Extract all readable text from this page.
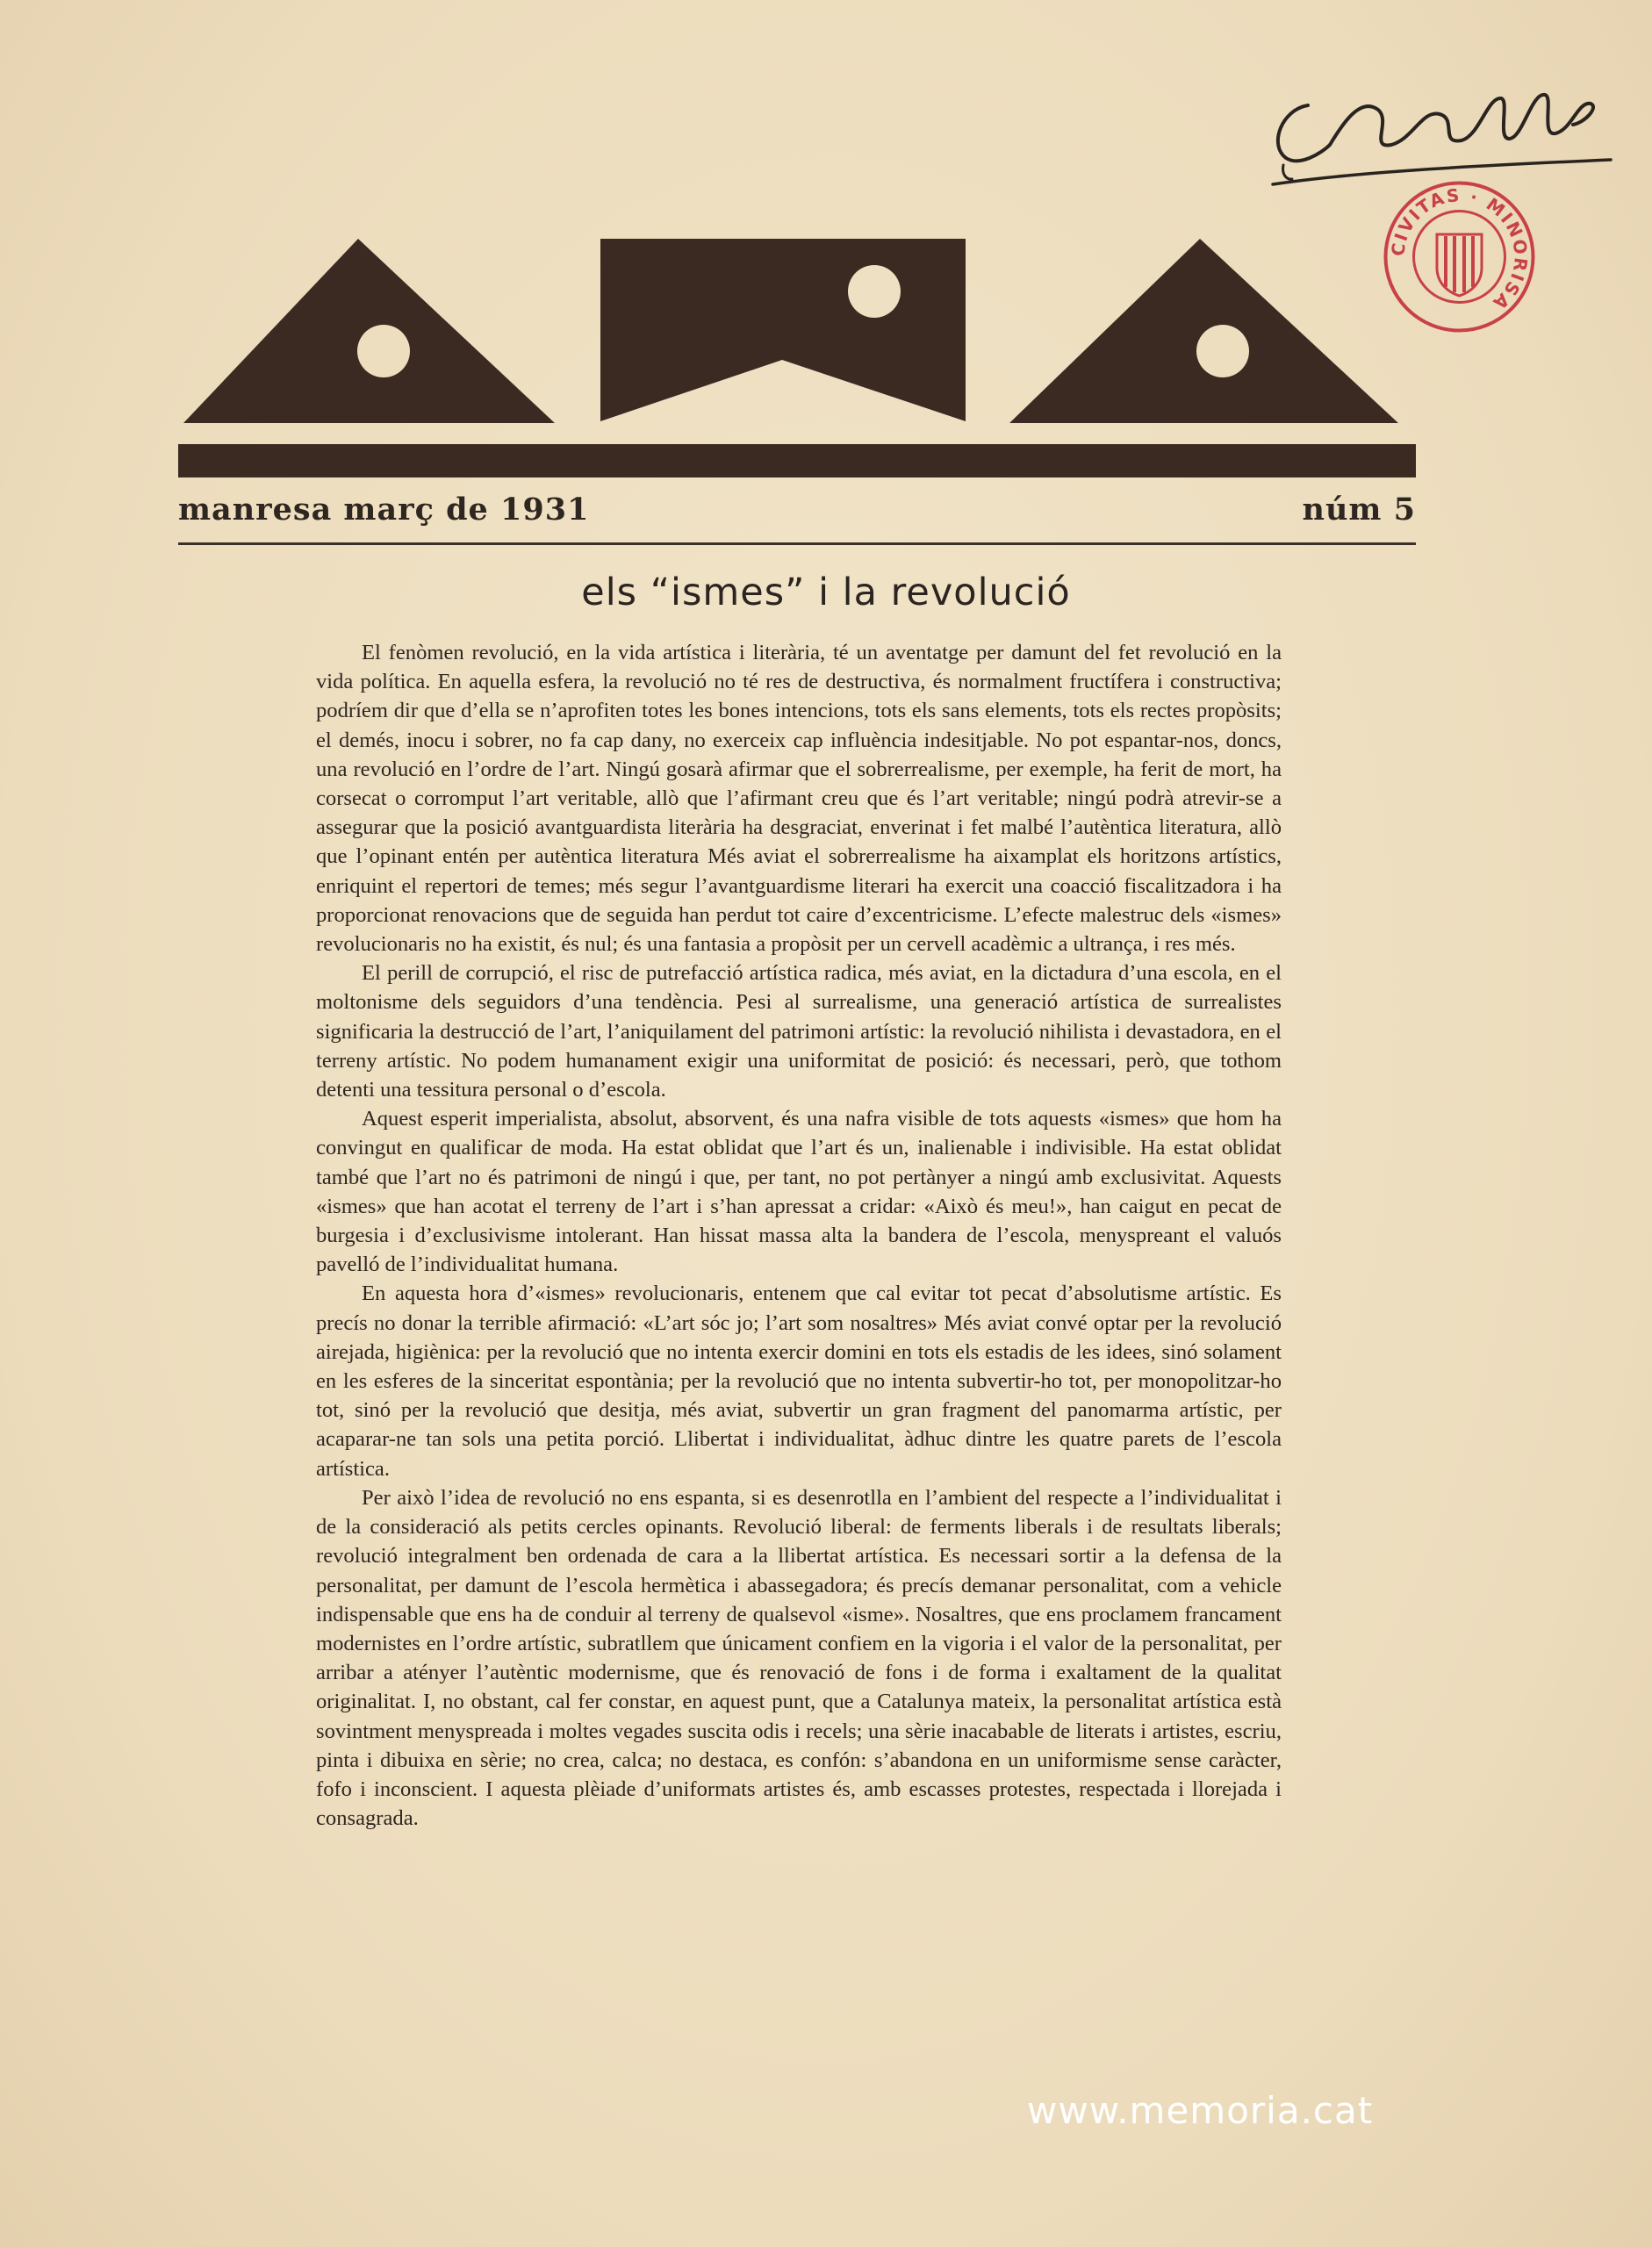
CIVITAS · MINORISA
manresa març de 1931	núm 5
els “ismes” i la revolució

El fenòmen revolució, en la vida artística i literària, té un aventatge per damunt del fet revolució en la vida política. En aquella esfera, la revolució no té res de destructiva, és normalment fructífera i constructiva; podríem dir que d’ella se n’aprofiten totes les bones intencions, tots els sans elements, tots els rectes propòsits; el demés, inocu i sobrer, no fa cap dany, no exerceix cap influència indesitjable. No pot espantar-nos, doncs, una revolució en l’ordre de l’art. Ningú gosarà afirmar que el sobrerrealisme, per exemple, ha ferit de mort, ha corsecat o corromput l’art veritable, allò que l’afirmant creu que és l’art veritable; ningú podrà atrevir-se a assegurar que la posició avantguardista literària ha desgraciat, enverinat i fet malbé l’autèntica literatura, allò que l’opinant entén per autèntica literatura Més aviat el sobrerrealisme ha aixamplat els horitzons artístics, enriquint el repertori de temes; més segur l’avantguardisme literari ha exercit una coacció fiscalitzadora i ha proporcionat renovacions que de seguida han perdut tot caire d’excentricisme. L’efecte malestruc dels «ismes» revolucionaris no ha existit, és nul; és una fantasia a propòsit per un cervell acadèmic a ultrança, i res més.

El perill de corrupció, el risc de putrefacció artística radica, més aviat, en la dictadura d’una escola, en el moltonisme dels seguidors d’una tendència. Pesi al surrealisme, una generació artística de surrealistes significaria la destrucció de l’art, l’aniquilament del patrimoni artístic: la revolució nihilista i devastadora, en el terreny artístic. No podem humanament exigir una uniformitat de posició: és necessari, però, que tothom detenti una tessitura personal o d’escola.

Aquest esperit imperialista, absolut, absorvent, és una nafra visible de tots aquests «ismes» que hom ha convingut en qualificar de moda. Ha estat oblidat que l’art és un, inalienable i indivisible. Ha estat oblidat també que l’art no és patrimoni de ningú i que, per tant, no pot pertànyer a ningú amb exclusivitat. Aquests «ismes» que han acotat el terreny de l’art i s’han apressat a cridar: «Això és meu!», han caigut en pecat de burgesia i d’exclusivisme intolerant. Han hissat massa alta la bandera de l’escola, menyspreant el valuós pavelló de l’individualitat humana.

En aquesta hora d’«ismes» revolucionaris, entenem que cal evitar tot pecat d’absolutisme artístic. Es precís no donar la terrible afirmació: «L’art sóc jo; l’art som nosaltres» Més aviat convé optar per la revolució airejada, higiènica: per la revolució que no intenta exercir domini en tots els estadis de les idees, sinó solament en les esferes de la sinceritat espontània; per la revolució que no intenta subvertir-ho tot, per monopolitzar-ho tot, sinó per la revolució que desitja, més aviat, subvertir un gran fragment del panomarma artístic, per acaparar-ne tan sols una petita porció. Llibertat i individualitat, àdhuc dintre les quatre parets de l’escola artística.

Per això l’idea de revolució no ens espanta, si es desenrotlla en l’ambient del respecte a l’individualitat i de la consideració als petits cercles opinants. Revolució liberal: de ferments liberals i de resultats liberals; revolució integralment ben ordenada de cara a la llibertat artística. Es necessari sortir a la defensa de la personalitat, per damunt de l’escola hermètica i abassegadora; és precís demanar personalitat, com a vehicle indispensable que ens ha de conduir al terreny de qualsevol «isme». Nosaltres, que ens proclamem francament modernistes en l’ordre artístic, subratllem que únicament confiem en la vigoria i el valor de la personalitat, per arribar a atényer l’autèntic modernisme, que és renovació de fons i de forma i exaltament de la qualitat originalitat. I, no obstant, cal fer constar, en aquest punt, que a Catalunya mateix, la personalitat artística està sovintment menyspreada i moltes vegades suscita odis i recels; una sèrie inacabable de literats i artistes, escriu, pinta i dibuixa en sèrie; no crea, calca; no destaca, es confón: s’abandona en un uniformisme sense caràcter, fofo i inconscient. I aquesta plèiade d’uniformats artistes és, amb escasses protestes, respectada i llorejada i consagrada.

www.memoria.cat
